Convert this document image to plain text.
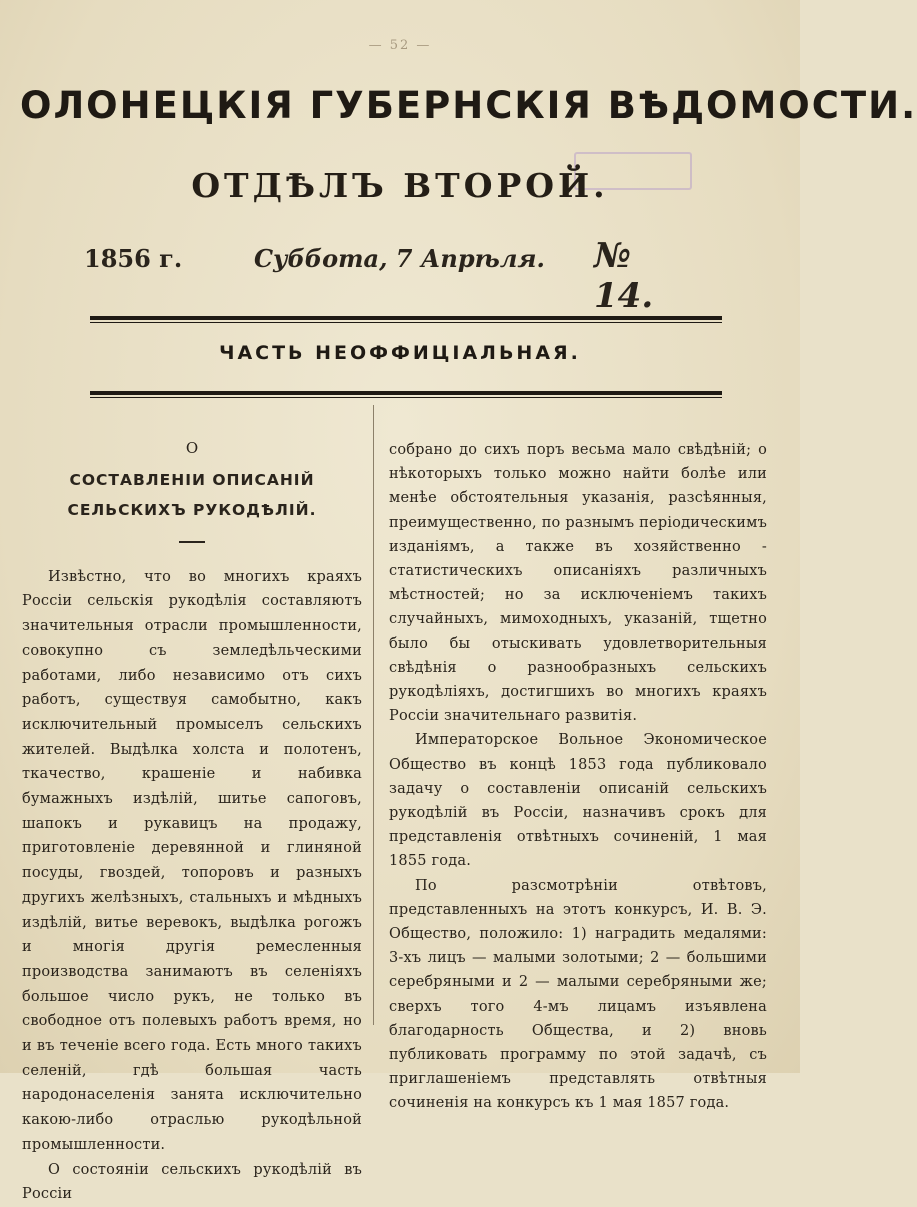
— 52 —
ОЛОНЕЦКІЯ ГУБЕРНСКІЯ ВѢДОМОСТИ.
ОТДѢЛЪ ВТОРОЙ.
1856 г.	Суббота, 7 Апрѣля. № 14.
ЧАСТЬ НЕОФФИЦІАЛЬНАЯ.

О

СОСТАВЛЕНІИ ОПИСАНІЙ СЕЛЬСКИХЪ РУКОДѢЛІЙ.

Извѣстно, что во многихъ краяхъ Россіи сельскія рукодѣлія составляютъ значительныя отрасли промышленности, совокупно съ земледѣльческими работами, либо независимо отъ сихъ работъ, существуя самобытно, какъ исключительный промыселъ сельскихъ жителей. Выдѣлка холста и полотенъ, ткачество, крашеніе и набивка бумажныхъ издѣлій, шитье сапоговъ, шапокъ и рукавицъ на продажу, приготовленіе деревянной и глиняной посуды, гвоздей, топоровъ и разныхъ другихъ желѣзныхъ, стальныхъ и мѣдныхъ издѣлій, витье веревокъ, выдѣлка рогожъ и многія другія ремесленныя производства занимаютъ въ селеніяхъ большое число рукъ, не только въ свободное отъ полевыхъ работъ время, но и въ теченіе всего года. Есть много такихъ селеній, гдѣ большая часть народонаселенія занята исключительно какою-либо отраслью рукодѣльной промышленности.

О состояніи сельскихъ рукодѣлій въ Россіи

собрано до сихъ поръ весьма мало свѣдѣній; о нѣкоторыхъ только можно найти болѣе или менѣе обстоятельныя указанія, разсѣянныя, преимущественно, по разнымъ періодическимъ изданіямъ, а также въ хозяйственно - статистическихъ описаніяхъ различныхъ мѣстностей; но за исключеніемъ такихъ случайныхъ, мимоходныхъ, указаній, тщетно было бы отыскивать удовлетворительныя свѣдѣнія о разнообразныхъ сельскихъ рукодѣліяхъ, достигшихъ во многихъ краяхъ Россіи значительнаго развитія.

Императорское Вольное Экономическое Общество въ концѣ 1853 года публиковало задачу о составленіи описаній сельскихъ рукодѣлій въ Россіи, назначивъ срокъ для представленія отвѣтныхъ сочиненій, 1 мая 1855 года.

По разсмотрѣніи отвѣтовъ, представленныхъ на этотъ конкурсъ, И. В. Э. Общество, положило: 1) наградить медалями: 3-хъ лицъ — малыми золотыми; 2 — большими серебряными и 2 — малыми серебряными же; сверхъ того 4-мъ лицамъ изъявлена благодарность Общества, и 2) вновь публиковать программу по этой задачѣ, съ приглашеніемъ представлять отвѣтныя сочиненія на конкурсъ къ 1 мая 1857 года.
